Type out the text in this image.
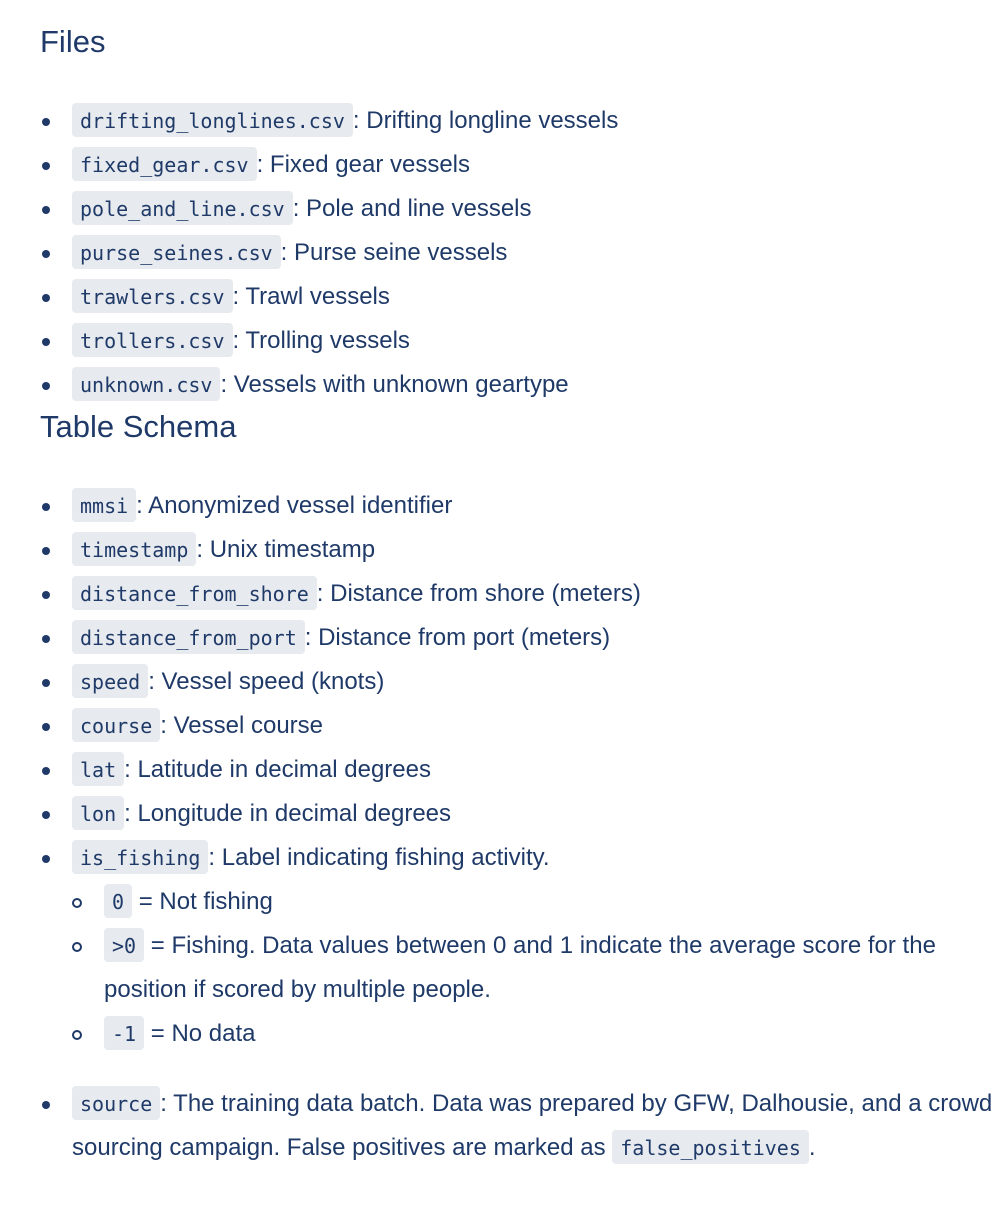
Files
drifting_longlines.csv : Drifting longline vessels
fixed_gear.csv : Fixed gear vessels
pole_and_line.csv : Pole and line vessels
purse_seines.csv : Purse seine vessels
trawlers.csv : Trawl vessels
trollers.csv : Trolling vessels
unknown.csv : Vessels with unknown geartype
Table Schema
mmsi : Anonymized vessel identifier
timestamp : Unix timestamp
distance_from_shore : Distance from shore (meters)
distance_from_port : Distance from port (meters)
speed : Vessel speed (knots)
course : Vessel course
lat : Latitude in decimal degrees
lon : Longitude in decimal degrees
is_fishing : Label indicating fishing activity.
0 = Not fishing
>0 = Fishing. Data values between 0 and 1 indicate the average score for the position if scored by multiple people.
-1 = No data
source : The training data batch. Data was prepared by GFW, Dalhousie, and a crowd sourcing campaign. False positives are marked as false_positives .
